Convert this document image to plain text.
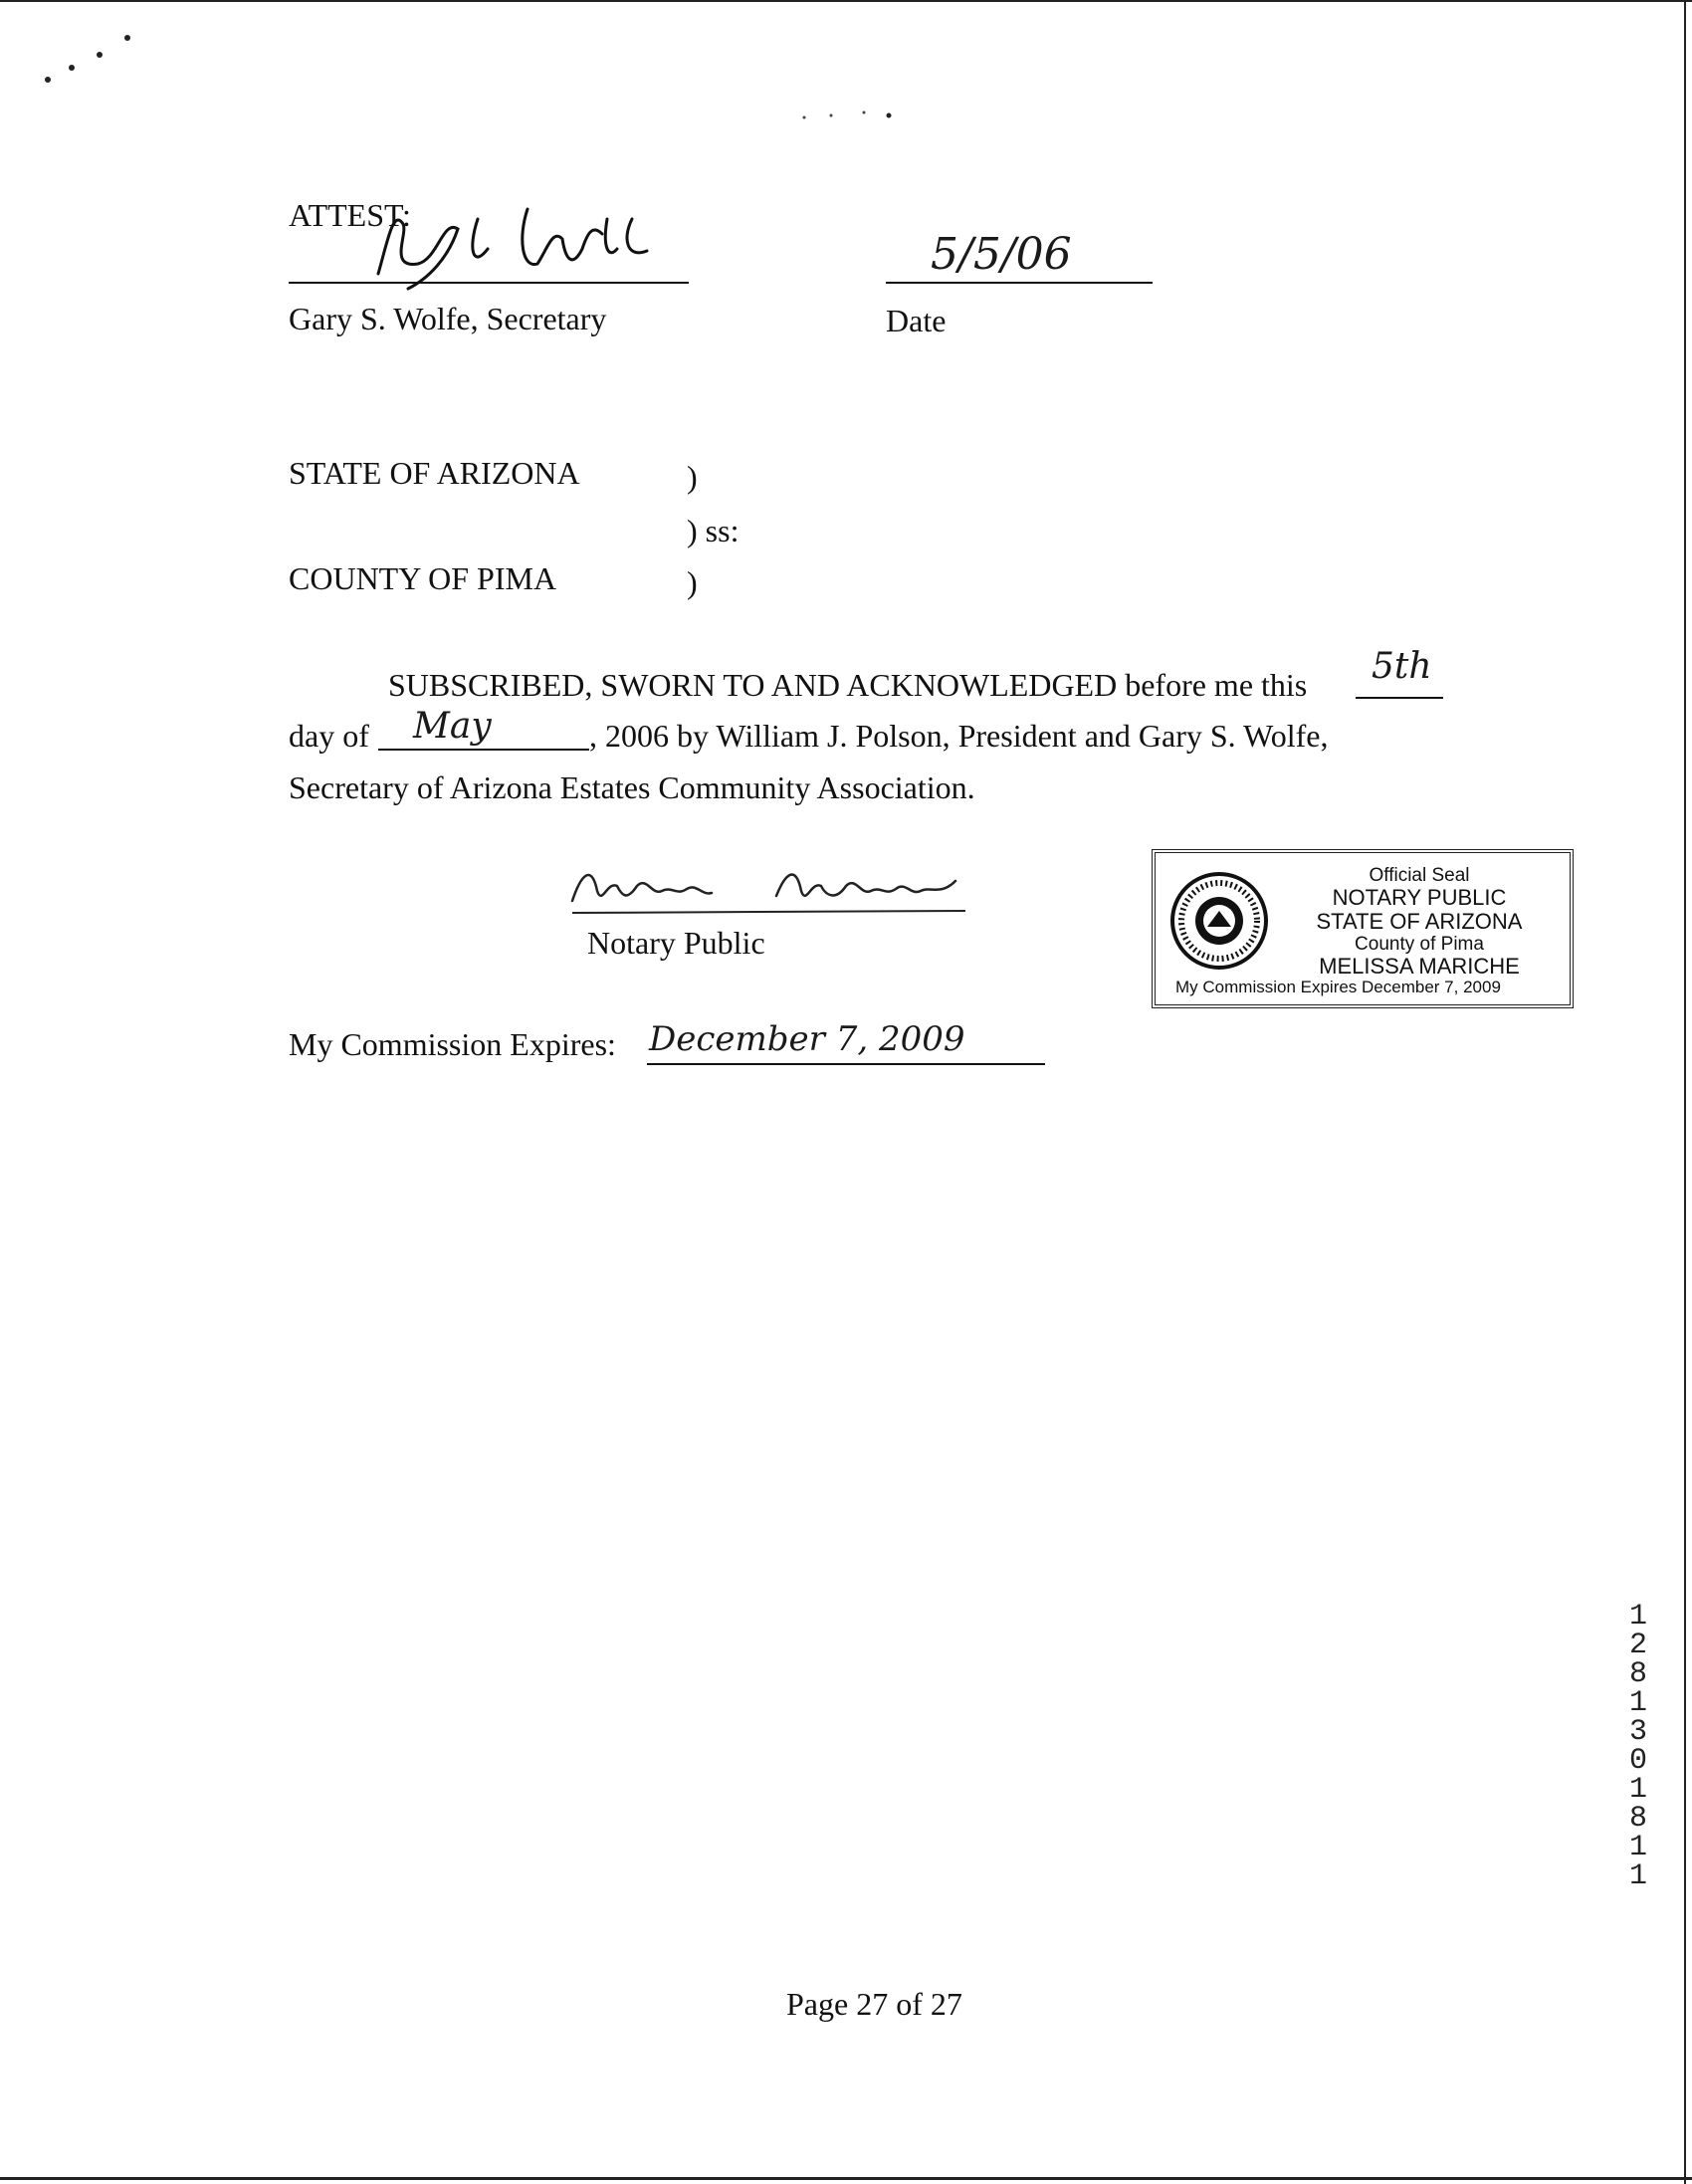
ATTEST:
Gary S. Wolfe, Secretary
5/5/06
Date
STATE OF ARIZONA	)
) ss:
COUNTY OF PIMA	)
SUBSCRIBED, SWORN TO AND ACKNOWLEDGED before me this 5th
day of May	, 2006 by William J. Polson, President and Gary S. Wolfe,
Secretary of Arizona Estates Community Association.
Notary Public
Official Seal
NOTARY PUBLIC
STATE OF ARIZONA
County of Pima
MELISSA MARICHE
My Commission Expires December 7, 2009
My Commission Expires: December 7, 2009
1
2
8
1
3
0
1
8
1
1
Page 27 of 27
